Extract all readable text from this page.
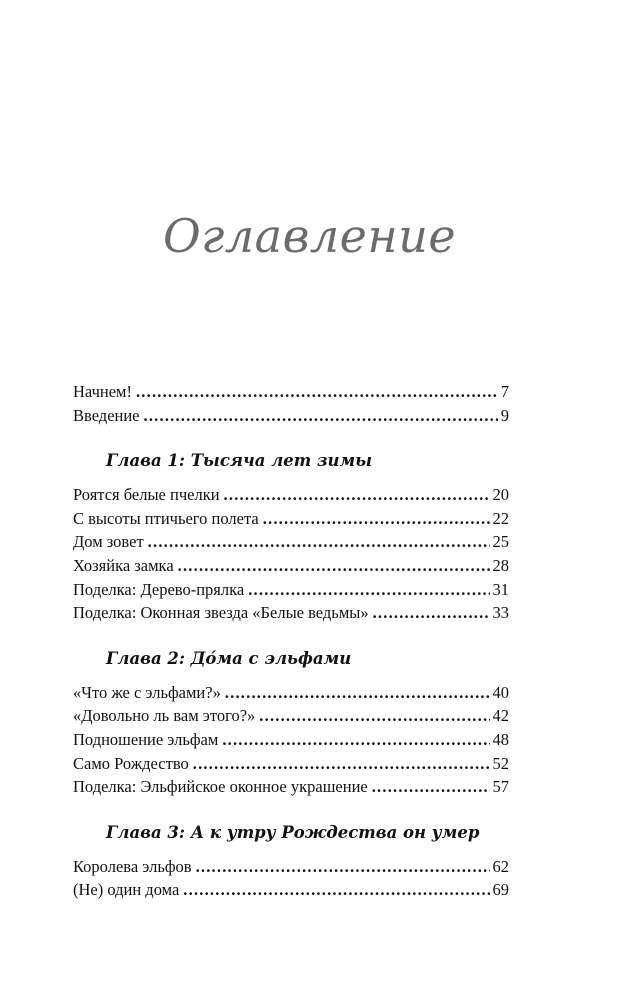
Оглавление
Начнем! .....	7
Введение .....	9
Глава 1: Тысяча лет зимы
Роятся белые пчелки .....	20
С высоты птичьего полета .....	22
Дом зовет .....	25
Хозяйка замка .....	28
Поделка: Дерево-прялка .....	31
Поделка: Оконная звезда «Белые ведьмы» .....	33
Глава 2: До́ма с эльфами
«Что же с эльфами?» .....	40
«Довольно ль вам этого?» .....	42
Подношение эльфам .....	48
Само Рождество .....	52
Поделка: Эльфийское оконное украшение .....	57
Глава 3: А к утру Рождества он умер
Королева эльфов .....	62
(Не) один дома .....	69
